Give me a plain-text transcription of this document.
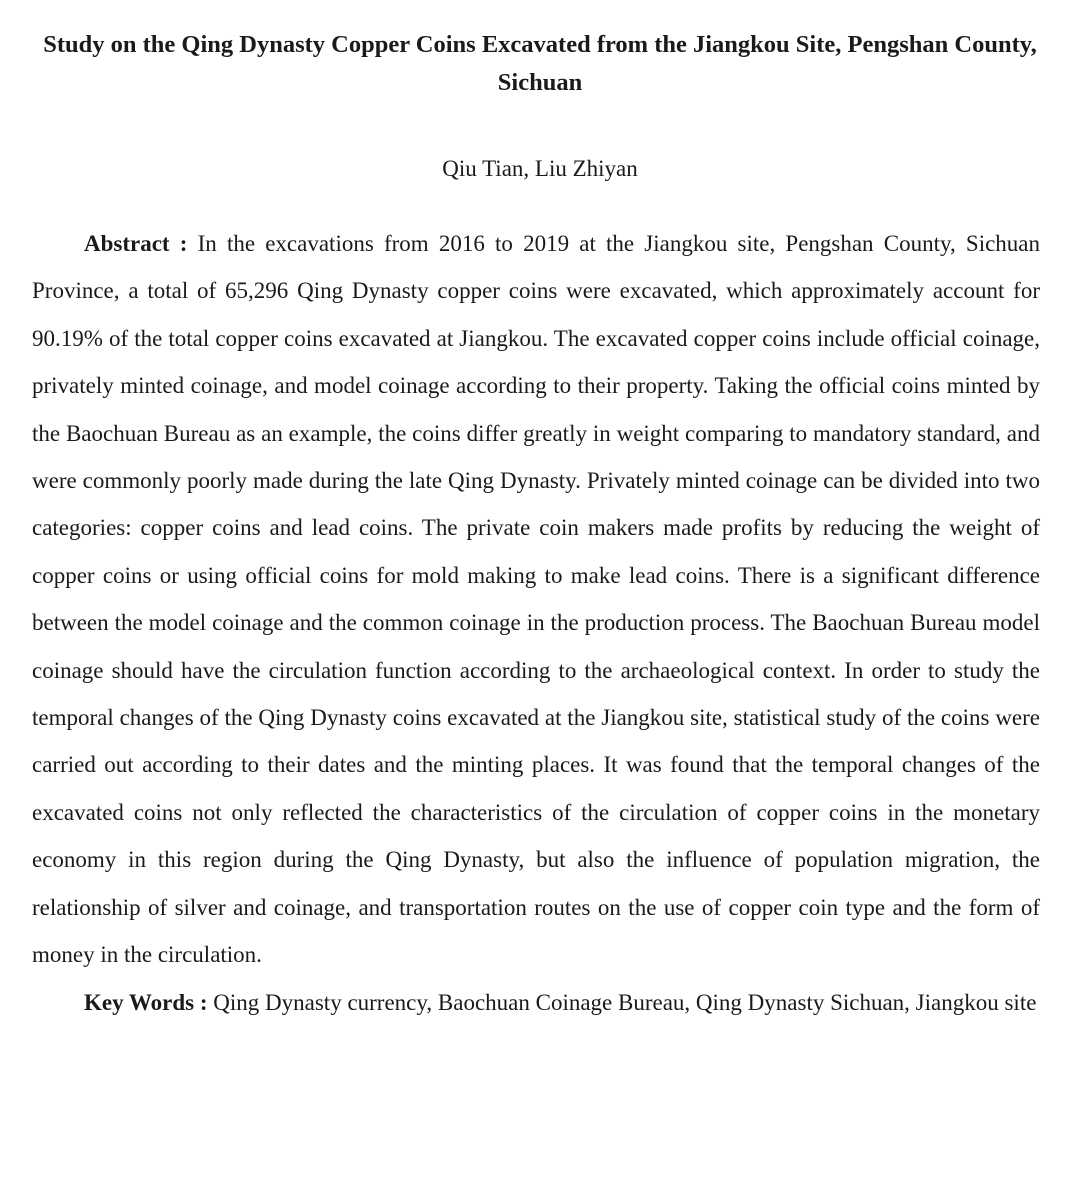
Study on the Qing Dynasty Copper Coins Excavated from the Jiangkou Site, Pengshan County, Sichuan

Qiu Tian, Liu Zhiyan

Abstract : In the excavations from 2016 to 2019 at the Jiangkou site, Pengshan County, Sichuan Province, a total of 65,296 Qing Dynasty copper coins were excavated, which approximately account for 90.19% of the total copper coins excavated at Jiangkou. The excavated copper coins include official coinage, privately minted coinage, and model coinage according to their property. Taking the official coins minted by the Baochuan Bureau as an example, the coins differ greatly in weight comparing to mandatory standard, and were commonly poorly made during the late Qing Dynasty. Privately minted coinage can be divided into two categories: copper coins and lead coins. The private coin makers made profits by reducing the weight of copper coins or using official coins for mold making to make lead coins. There is a significant difference between the model coinage and the common coinage in the production process. The Baochuan Bureau model coinage should have the circulation function according to the archaeological context. In order to study the temporal changes of the Qing Dynasty coins excavated at the Jiangkou site, statistical study of the coins were carried out according to their dates and the minting places. It was found that the temporal changes of the excavated coins not only reflected the characteristics of the circulation of copper coins in the monetary economy in this region during the Qing Dynasty, but also the influence of population migration, the relationship of silver and coinage, and transportation routes on the use of copper coin type and the form of money in the circulation.

Key Words : Qing Dynasty currency, Baochuan Coinage Bureau, Qing Dynasty Sichuan, Jiangkou site
